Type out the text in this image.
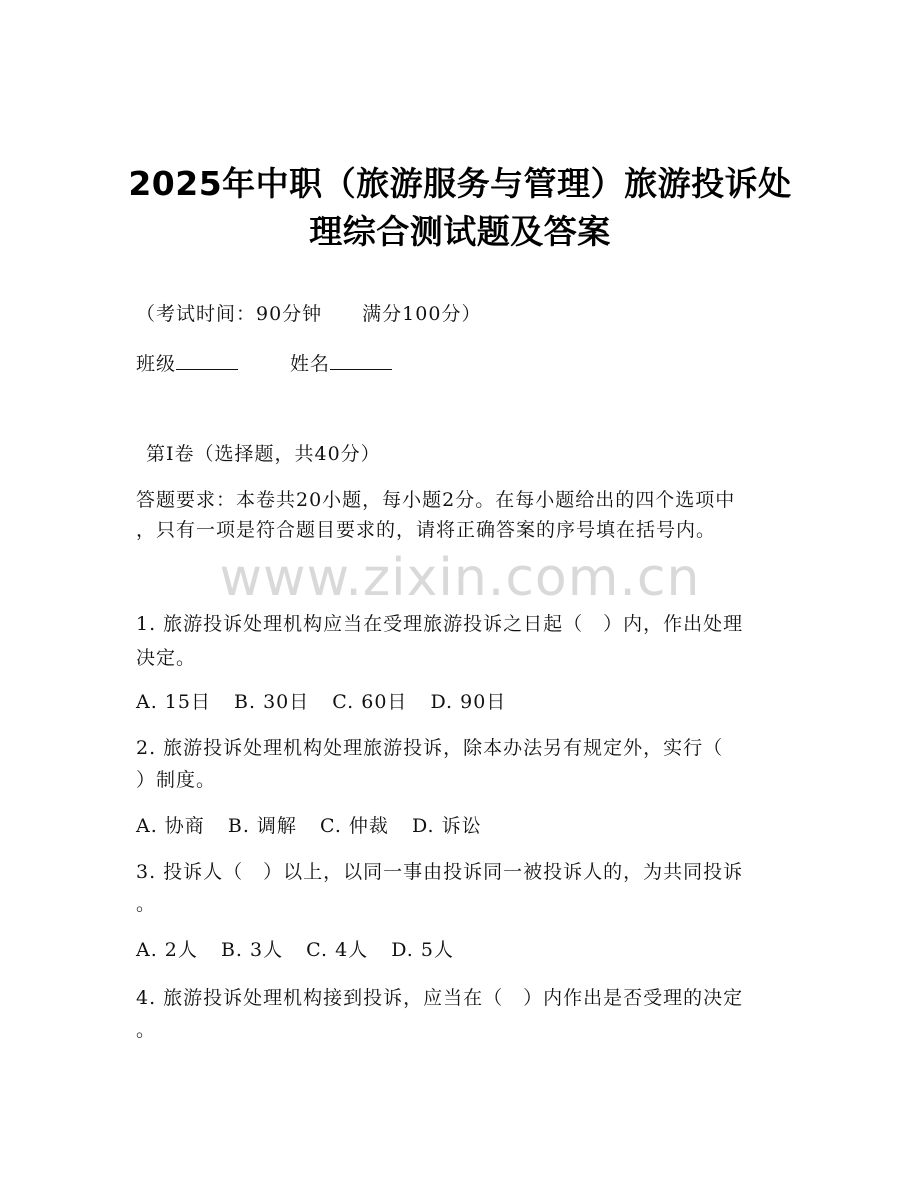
2025年中职（旅游服务与管理）旅游投诉处
理综合测试题及答案
（考试时间：90分钟　　满分100分）
班级	姓名
第Ⅰ卷（选择题，共40分）
答题要求：本卷共20小题，每小题2分。在每小题给出的四个选项中
，只有一项是符合题目要求的，请将正确答案的序号填在括号内。
www.zixin.com.cn
1. 旅游投诉处理机构应当在受理旅游投诉之日起（　）内，作出处理
决定。
A. 15日 B. 30日 C. 60日 D. 90日
2. 旅游投诉处理机构处理旅游投诉，除本办法另有规定外，实行（
）制度。
A. 协商 B. 调解 C. 仲裁 D. 诉讼
3. 投诉人（　）以上，以同一事由投诉同一被投诉人的，为共同投诉
。
A. 2人 B. 3人 C. 4人 D. 5人
4. 旅游投诉处理机构接到投诉，应当在（　）内作出是否受理的决定
。
